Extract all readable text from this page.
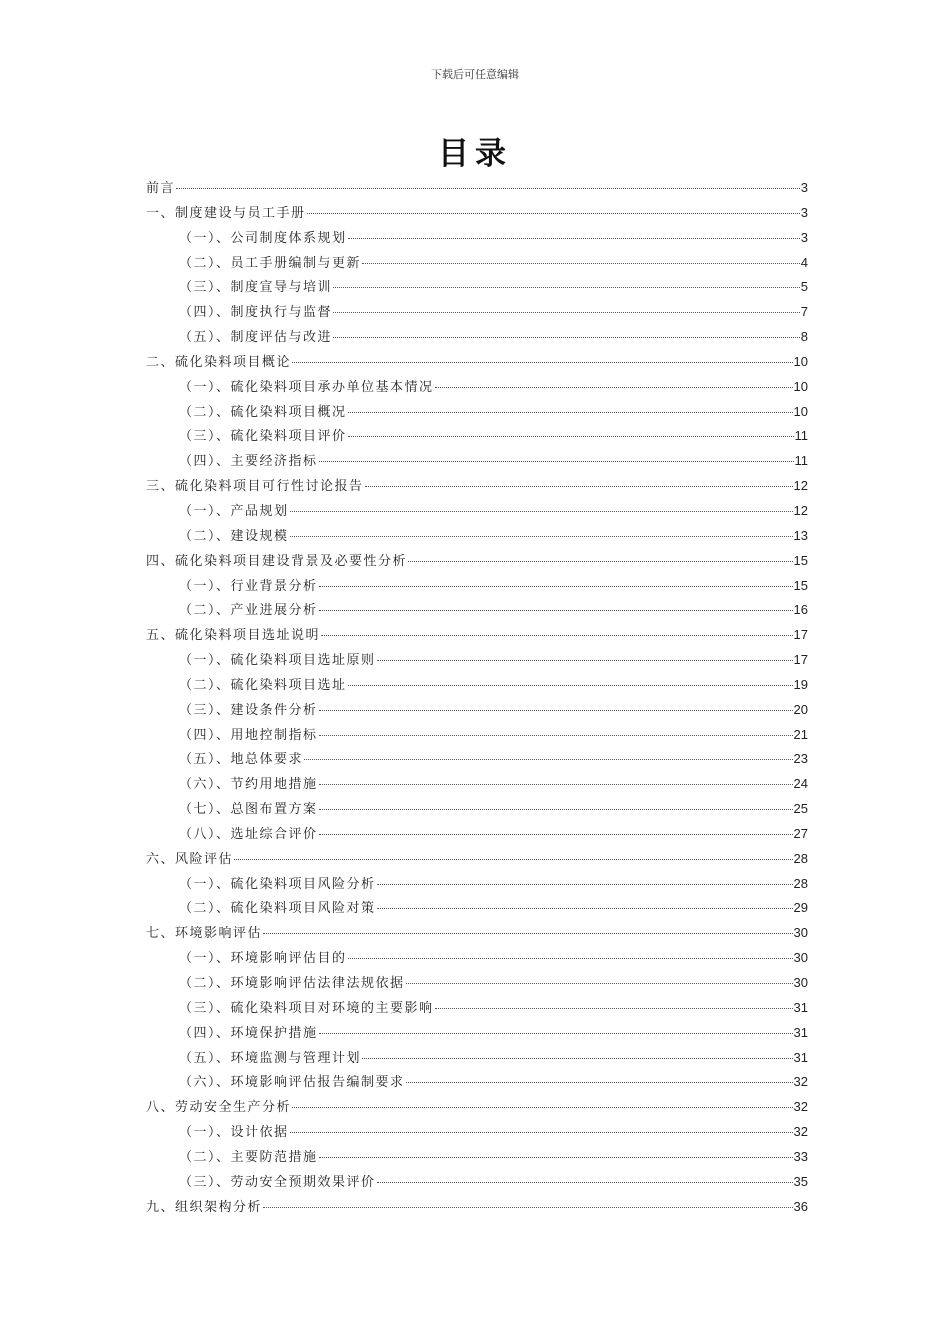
下载后可任意编辑
目录
前言	3
一、制度建设与员工手册	3
（一）、公司制度体系规划	3
（二）、员工手册编制与更新	4
（三）、制度宣导与培训	5
（四）、制度执行与监督	7
（五）、制度评估与改进	8
二、硫化染料项目概论	10
（一）、硫化染料项目承办单位基本情况	10
（二）、硫化染料项目概况	10
（三）、硫化染料项目评价	11
（四）、主要经济指标	11
三、硫化染料项目可行性讨论报告	12
（一）、产品规划	12
（二）、建设规模	13
四、硫化染料项目建设背景及必要性分析	15
（一）、行业背景分析	15
（二）、产业进展分析	16
五、硫化染料项目选址说明	17
（一）、硫化染料项目选址原则	17
（二）、硫化染料项目选址	19
（三）、建设条件分析	20
（四）、用地控制指标	21
（五）、地总体要求	23
（六）、节约用地措施	24
（七）、总图布置方案	25
（八）、选址综合评价	27
六、风险评估	28
（一）、硫化染料项目风险分析	28
（二）、硫化染料项目风险对策	29
七、环境影响评估	30
（一）、环境影响评估目的	30
（二）、环境影响评估法律法规依据	30
（三）、硫化染料项目对环境的主要影响	31
（四）、环境保护措施	31
（五）、环境监测与管理计划	31
（六）、环境影响评估报告编制要求	32
八、劳动安全生产分析	32
（一）、设计依据	32
（二）、主要防范措施	33
（三）、劳动安全预期效果评价	35
九、组织架构分析	36
